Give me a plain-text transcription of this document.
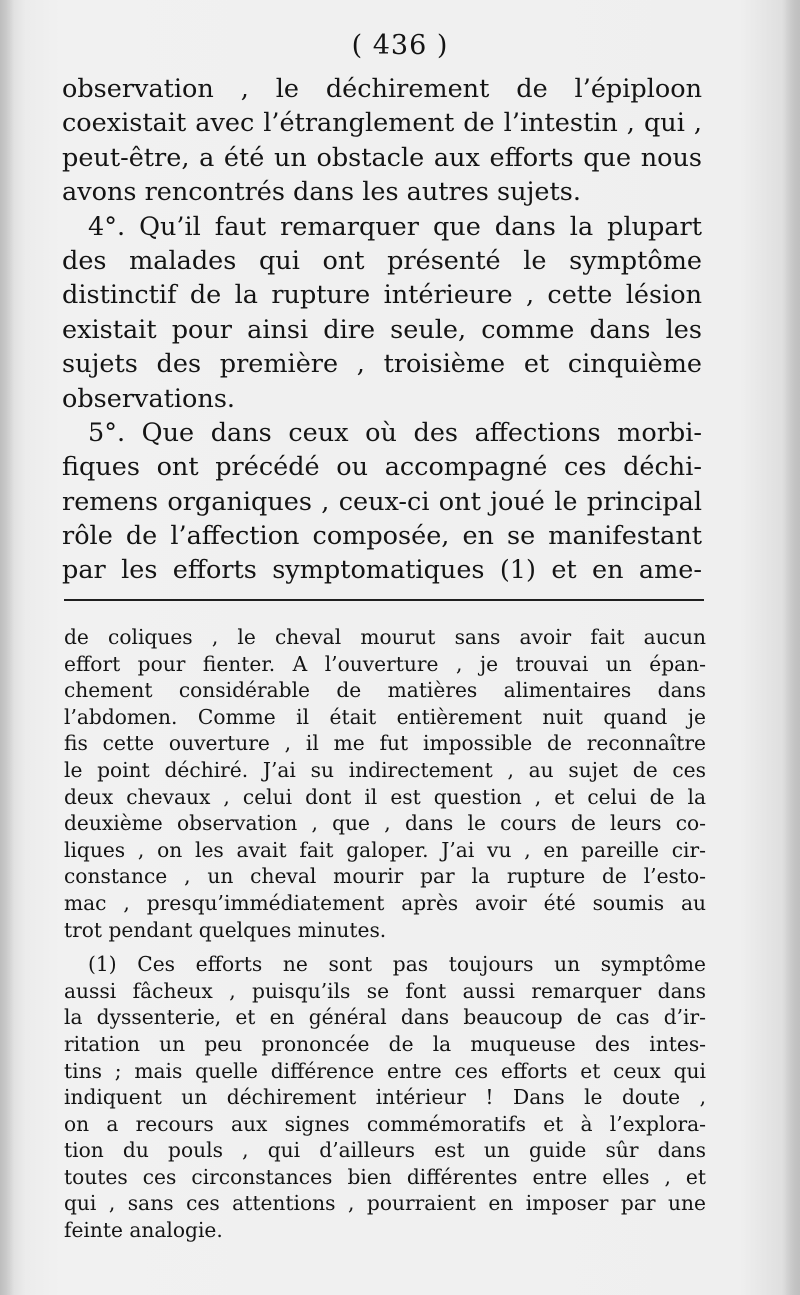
( 436 )
observation , le déchirement de l’épiploon
coexistait avec l’étranglement de l’intestin , qui ,
peut-être, a été un obstacle aux efforts que nous
avons rencontrés dans les autres sujets.
4°. Qu’il faut remarquer que dans la plupart
des malades qui ont présenté le symptôme
distinctif de la rupture intérieure , cette lésion
existait pour ainsi dire seule, comme dans les
sujets des première , troisième et cinquième
observations.
5°. Que dans ceux où des affections morbi-
fiques ont précédé ou accompagné ces déchi-
remens organiques , ceux-ci ont joué le principal
rôle de l’affection composée, en se manifestant
par les efforts symptomatiques (1) et en ame-
de coliques , le cheval mourut sans avoir fait aucun
effort pour fienter. A l’ouverture , je trouvai un épan-
chement considérable de matières alimentaires dans
l’abdomen. Comme il était entièrement nuit quand je
fis cette ouverture , il me fut impossible de reconnaître
le point déchiré. J’ai su indirectement , au sujet de ces
deux chevaux , celui dont il est question , et celui de la
deuxième observation , que , dans le cours de leurs co-
liques , on les avait fait galoper. J’ai vu , en pareille cir-
constance , un cheval mourir par la rupture de l’esto-
mac , presqu’immédiatement après avoir été soumis au
trot pendant quelques minutes.
(1) Ces efforts ne sont pas toujours un symptôme
aussi fâcheux , puisqu’ils se font aussi remarquer dans
la dyssenterie, et en général dans beaucoup de cas d’ir-
ritation un peu prononcée de la muqueuse des intes-
tins ; mais quelle différence entre ces efforts et ceux qui
indiquent un déchirement intérieur ! Dans le doute ,
on a recours aux signes commémoratifs et à l’explora-
tion du pouls , qui d’ailleurs est un guide sûr dans
toutes ces circonstances bien différentes entre elles , et
qui , sans ces attentions , pourraient en imposer par une
feinte analogie.
